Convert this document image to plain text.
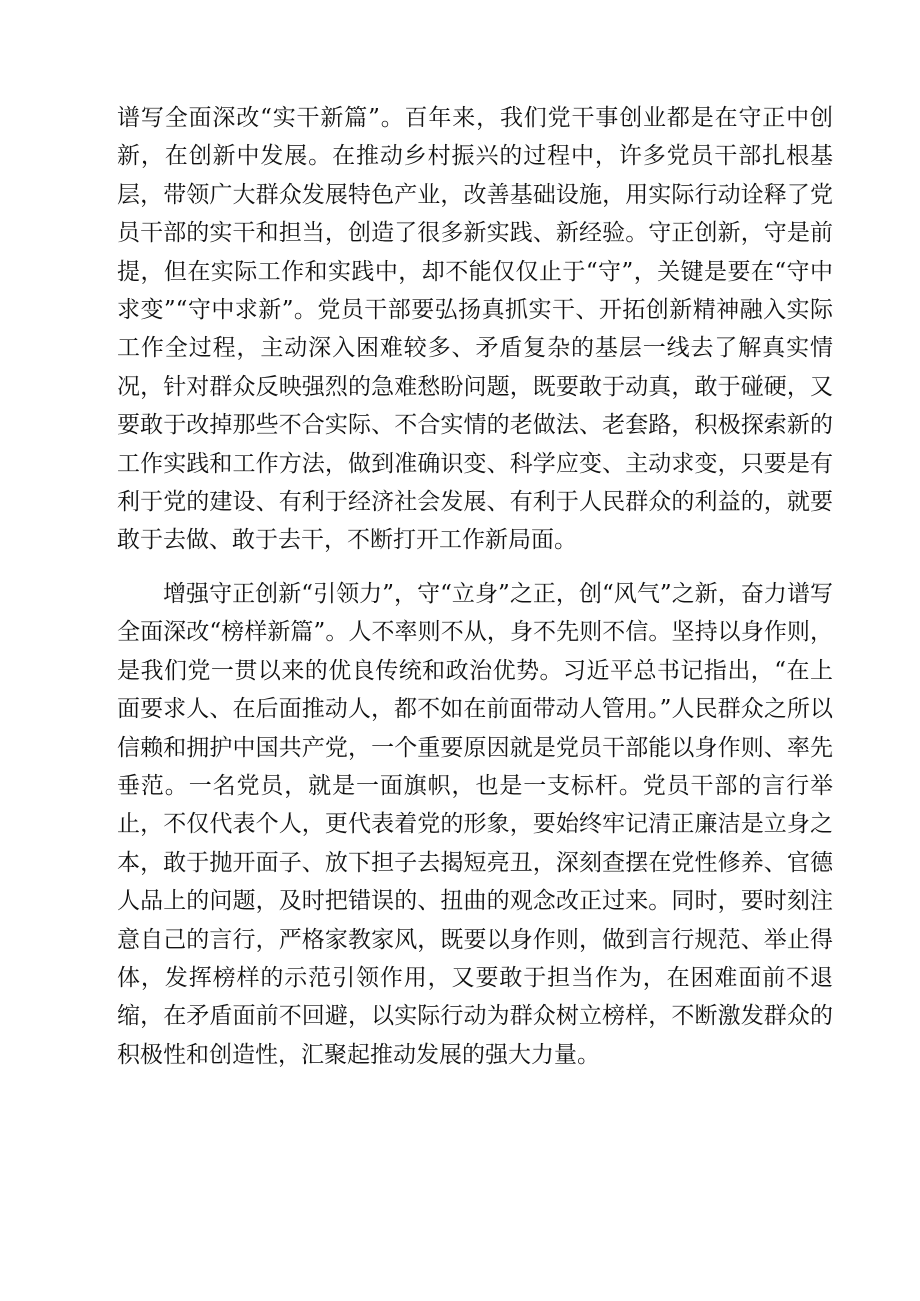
谱写全面深改“实干新篇”。百年来，我们党干事创业都是在守正中创新，在创新中发展。在推动乡村振兴的过程中，许多党员干部扎根基层，带领广大群众发展特色产业，改善基础设施，用实际行动诠释了党员干部的实干和担当，创造了很多新实践、新经验。守正创新，守是前提，但在实际工作和实践中，却不能仅仅止于“守”，关键是要在“守中求变”“守中求新”。党员干部要弘扬真抓实干、开拓创新精神融入实际工作全过程，主动深入困难较多、矛盾复杂的基层一线去了解真实情况，针对群众反映强烈的急难愁盼问题，既要敢于动真，敢于碰硬，又要敢于改掉那些不合实际、不合实情的老做法、老套路，积极探索新的工作实践和工作方法，做到准确识变、科学应变、主动求变，只要是有利于党的建设、有利于经济社会发展、有利于人民群众的利益的，就要敢于去做、敢于去干，不断打开工作新局面。

增强守正创新“引领力”，守“立身”之正，创“风气”之新，奋力谱写全面深改“榜样新篇”。人不率则不从，身不先则不信。坚持以身作则，是我们党一贯以来的优良传统和政治优势。习近平总书记指出，“在上面要求人、在后面推动人，都不如在前面带动人管用。”人民群众之所以信赖和拥护中国共产党，一个重要原因就是党员干部能以身作则、率先垂范。一名党员，就是一面旗帜，也是一支标杆。党员干部的言行举止，不仅代表个人，更代表着党的形象，要始终牢记清正廉洁是立身之本，敢于抛开面子、放下担子去揭短亮丑，深刻查摆在党性修养、官德人品上的问题，及时把错误的、扭曲的观念改正过来。同时，要时刻注意自己的言行，严格家教家风，既要以身作则，做到言行规范、举止得体，发挥榜样的示范引领作用，又要敢于担当作为，在困难面前不退缩，在矛盾面前不回避，以实际行动为群众树立榜样，不断激发群众的积极性和创造性，汇聚起推动发展的强大力量。
